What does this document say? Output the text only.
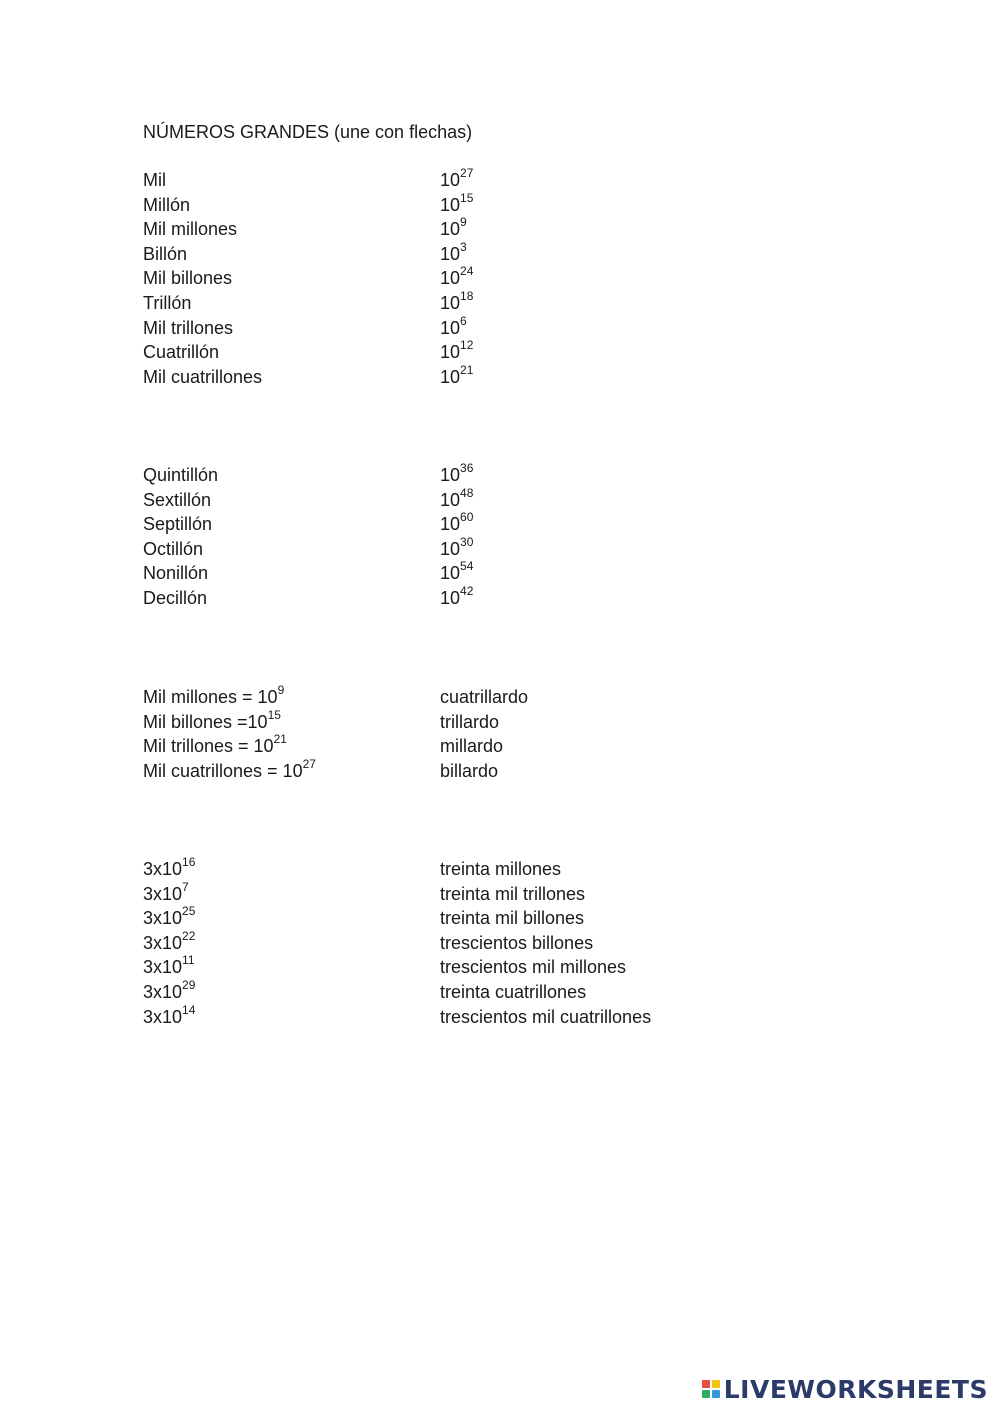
NÚMEROS GRANDES (une con flechas)
Mil	$10^{27}$
Millón	$10^{15}$
Mil millones	$10^9$
Billón	$10^3$
Mil billones	$10^{24}$
Trillón	$10^{18}$
Mil trillones	$10^6$
Cuatrillón	$10^{12}$
Mil cuatrillones	$10^{21}$
Quintillón	$10^{36}$
Sextillón	$10^{48}$
Septillón	$10^{60}$
Octillón	$10^{30}$
Nonillón	$10^{54}$
Decillón	$10^{42}$
Mil millones = $10^9$	cuatrillardo
Mil billones $=10^{15}$	trillardo
Mil trillones = $10^{21}$	millardo
Mil cuatrillones = $10^{27}$	billardo
$3x10^{16}$	treinta millones
$3x10^7$	treinta mil trillones
$3x10^{25}$	treinta mil billones
$3x10^{22}$	trescientos billones
$3x10^{11}$	trescientos mil millones
$3x10^{29}$	treinta cuatrillones
$3x10^{14}$	trescientos mil cuatrillones
LIVEWORKSHEETS
